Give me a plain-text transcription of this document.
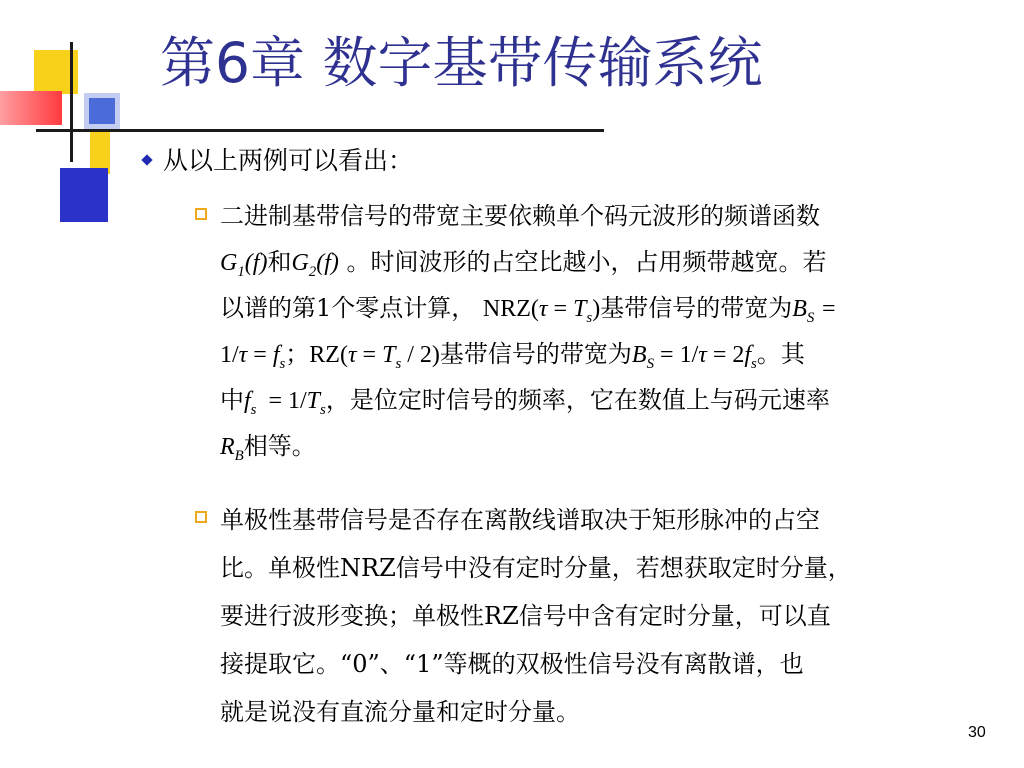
第6章 数字基带传输系统
从以上两例可以看出：
二进制基带信号的带宽主要依赖单个码元波形的频谱函数
$G_1(f)$和$G_2(f)$ 。时间波形的占空比越小，占用频带越宽。若
以谱的第1个零点计算， $NRZ(\tau = T_s)$基带信号的带宽为$B_S$ =
$1/\tau = f_s$；$RZ(\tau = T_s / 2)$基带信号的带宽为$B_S = 1/\tau = 2f_s$。其
中$f_s = 1/T_s$，是位定时信号的频率，它在数值上与码元速率
$R_B$相等。
单极性基带信号是否存在离散线谱取决于矩形脉冲的占空
比。单极性NRZ信号中没有定时分量，若想获取定时分量，
要进行波形变换；单极性RZ信号中含有定时分量，可以直
接提取它。“0”、“1”等概的双极性信号没有离散谱，也
就是说没有直流分量和定时分量。
30
